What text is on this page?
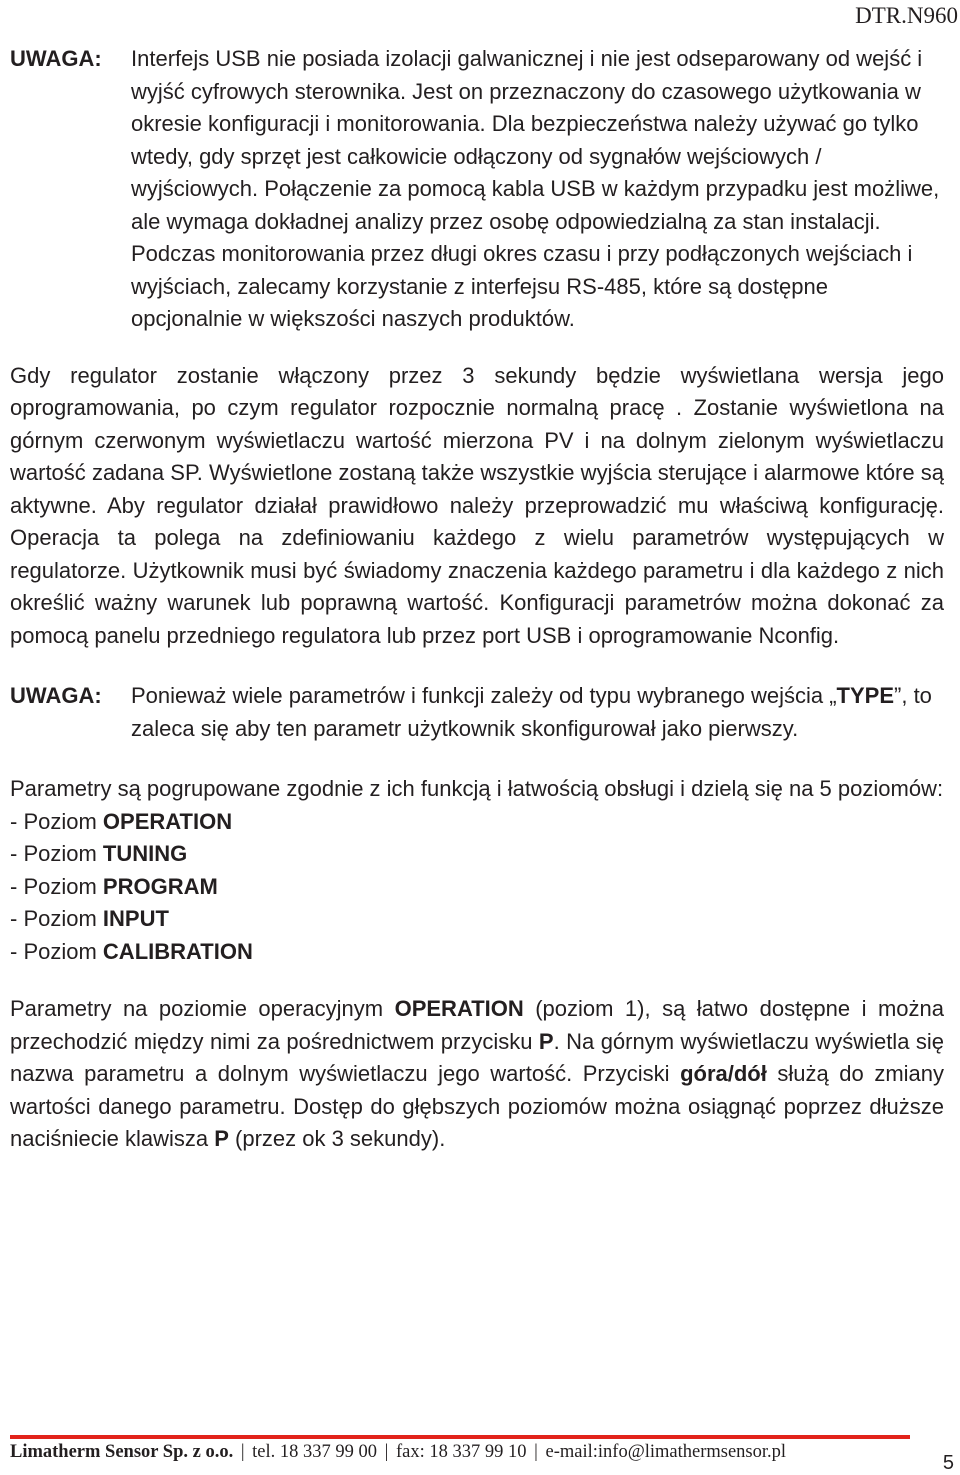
DTR.N960
UWAGA:	Interfejs USB nie posiada izolacji galwanicznej i nie jest odseparowany od wejść i wyjść cyfrowych sterownika. Jest on przeznaczony do czasowego użytkowania w okresie konfiguracji i monitorowania. Dla bezpieczeństwa należy używać go tylko wtedy, gdy sprzęt jest całkowicie odłączony od sygnałów wejściowych / wyjściowych. Połączenie za pomocą kabla USB w każdym przypadku jest możliwe, ale wymaga dokładnej analizy przez osobę odpowiedzialną za stan instalacji. Podczas monitorowania przez długi okres czasu i przy podłączonych wejściach i wyjściach, zalecamy korzystanie z interfejsu RS-485, które są dostępne opcjonalnie w większości naszych produktów.

Gdy regulator zostanie włączony przez 3 sekundy będzie wyświetlana wersja jego oprogramowania, po czym regulator rozpocznie normalną pracę . Zostanie wyświetlona na górnym czerwonym wyświetlaczu wartość mierzona PV i na dolnym zielonym wyświetlaczu wartość zadana SP. Wyświetlone zostaną także wszystkie wyjścia sterujące i alarmowe które są aktywne. Aby regulator działał prawidłowo należy przeprowadzić mu właściwą konfigurację. Operacja ta polega na zdefiniowaniu każdego z wielu parametrów występujących w regulatorze. Użytkownik musi być świadomy znaczenia każdego parametru i dla każdego z nich określić ważny warunek lub poprawną wartość. Konfiguracji parametrów można dokonać za pomocą panelu przedniego regulatora lub przez port USB i oprogramowanie Nconfig.

UWAGA:	Ponieważ wiele parametrów i funkcji zależy od typu wybranego wejścia „TYPE”, to zaleca się aby ten parametr użytkownik skonfigurował jako pierwszy.

Parametry są pogrupowane zgodnie z ich funkcją i łatwością obsługi i dzielą się na 5 poziomów:

- Poziom OPERATION
- Poziom TUNING
- Poziom PROGRAM
- Poziom INPUT
- Poziom CALIBRATION

Parametry na poziomie operacyjnym OPERATION (poziom 1), są łatwo dostępne i można przechodzić między nimi za pośrednictwem przycisku P. Na górnym wyświetlaczu wyświetla się nazwa parametru a dolnym wyświetlaczu jego wartość. Przyciski góra/dół służą do zmiany wartości danego parametru. Dostęp do głębszych poziomów można osiągnąć poprzez dłuższe naciśniecie klawisza P (przez ok 3 sekundy).

Limatherm Sensor Sp. z o.o. | tel. 18 337 99 00 | fax: 18 337 99 10 | e-mail:info@limathermsensor.pl	5
